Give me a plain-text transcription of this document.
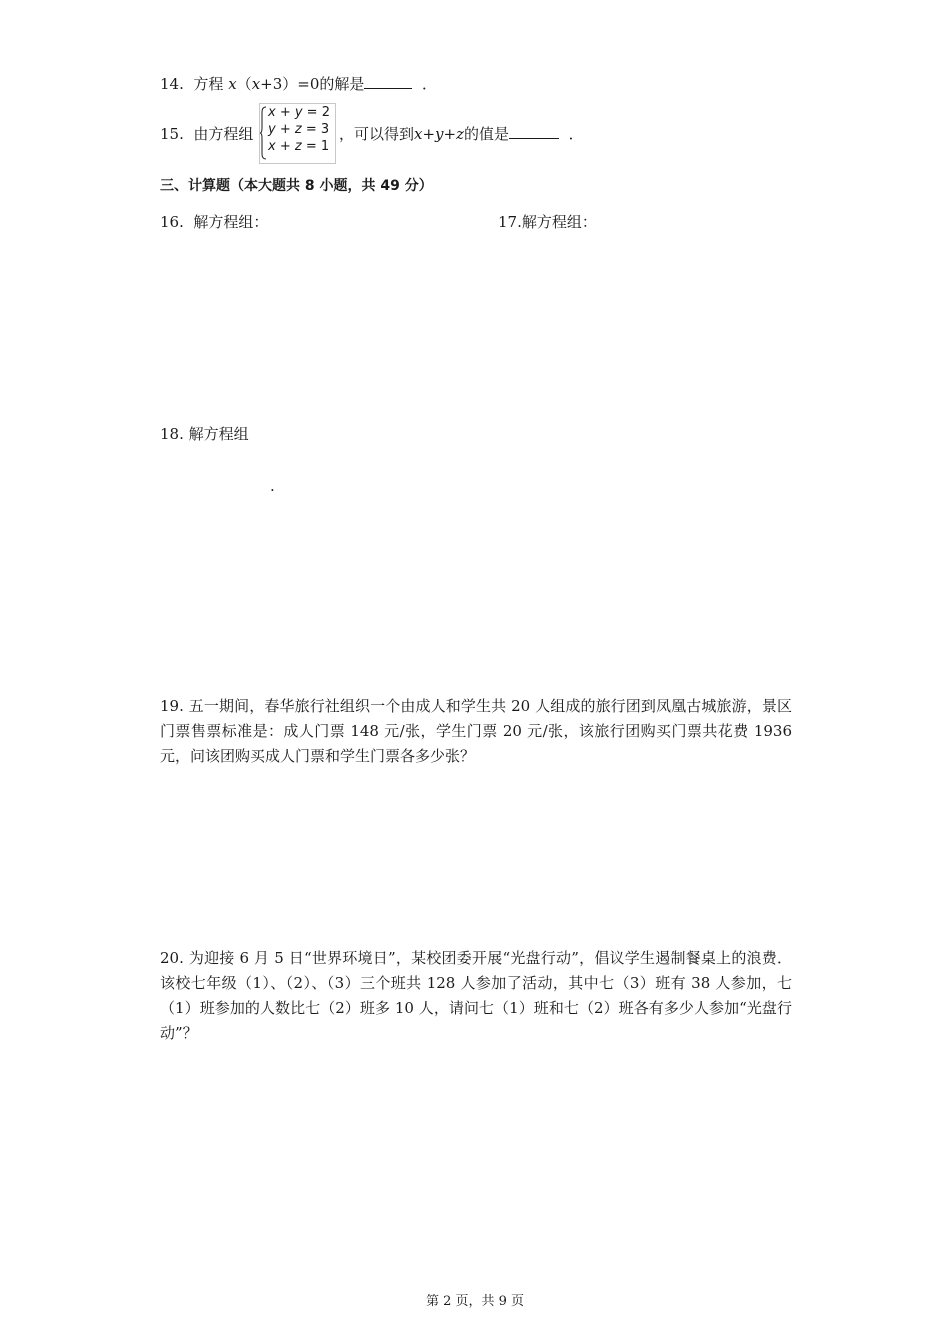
14. 方程 x（x+3）=0的解是	．
15. 由方程组
x + y = 2
y + z = 3
x + z = 1
，可以得到x+y+z的值是	．
三、计算题（本大题共 8 小题，共 49 分）
16. 解方程组：	17.解方程组：
18. 解方程组
.
19. 五一期间，春华旅行社组织一个由成人和学生共 20 人组成的旅行团到凤凰古城旅游，景区门票售票标准是：成人门票 148 元/张，学生门票 20 元/张，该旅行团购买门票共花费 1936 元，问该团购买成人门票和学生门票各多少张？
20. 为迎接 6 月 5 日“世界环境日”，某校团委开展“光盘行动”，倡议学生遏制餐桌上的浪费．该校七年级（1）、（2）、（3）三个班共 128 人参加了活动，其中七（3）班有 38 人参加，七（1）班参加的人数比七（2）班多 10 人，请问七（1）班和七（2）班各有多少人参加“光盘行动”？
第 2 页，共 9 页
